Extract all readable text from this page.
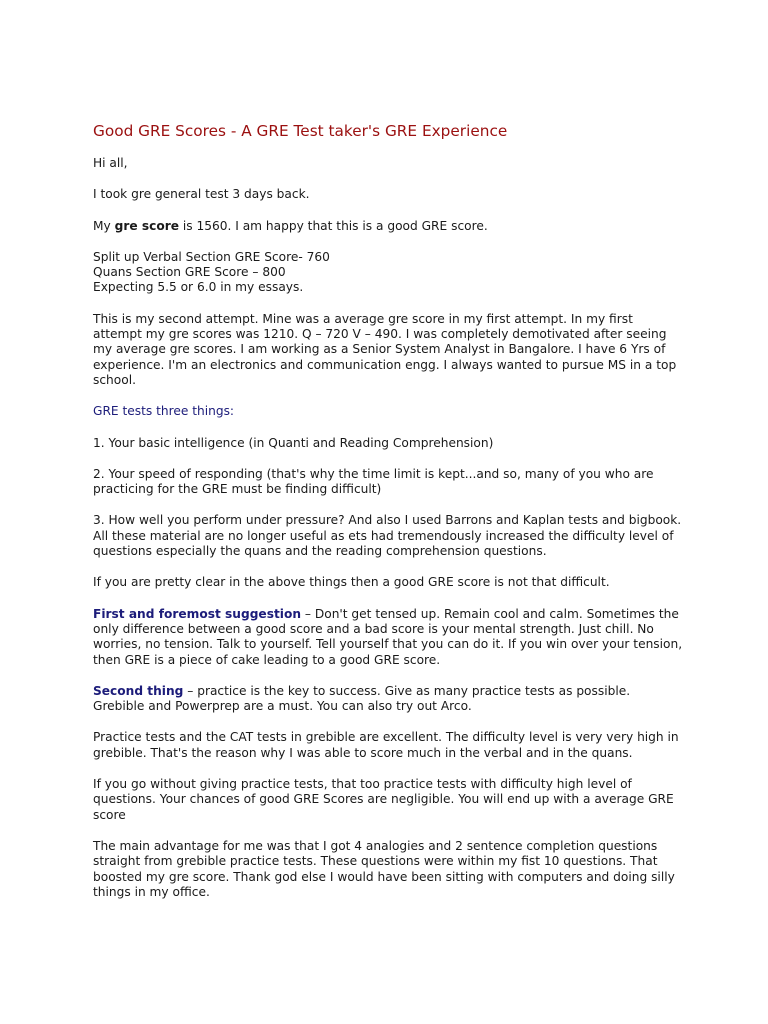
Good GRE Scores - A GRE Test taker's GRE Experience

Hi all,

I took gre general test 3 days back.

My gre score is 1560. I am happy that this is a good GRE score.

Split up Verbal Section GRE Score- 760
Quans Section GRE Score – 800
Expecting 5.5 or 6.0 in my essays.

This is my second attempt. Mine was a average gre score in my first attempt. In my first attempt my gre scores was 1210. Q – 720 V – 490. I was completely demotivated after seeing my average gre scores. I am working as a Senior System Analyst in Bangalore. I have 6 Yrs of experience. I'm an electronics and communication engg. I always wanted to pursue MS in a top school.

GRE tests three things:

1. Your basic intelligence (in Quanti and Reading Comprehension)

2. Your speed of responding (that's why the time limit is kept...and so, many of you who are practicing for the GRE must be finding difficult)

3. How well you perform under pressure? And also I used Barrons and Kaplan tests and bigbook. All these material are no longer useful as ets had tremendously increased the difficulty level of questions especially the quans and the reading comprehension questions.

If you are pretty clear in the above things then a good GRE score is not that difficult.

First and foremost suggestion – Don't get tensed up. Remain cool and calm. Sometimes the only difference between a good score and a bad score is your mental strength. Just chill. No worries, no tension. Talk to yourself. Tell yourself that you can do it. If you win over your tension, then GRE is a piece of cake leading to a good GRE score.

Second thing – practice is the key to success. Give as many practice tests as possible. Grebible and Powerprep are a must. You can also try out Arco.

Practice tests and the CAT tests in grebible are excellent. The difficulty level is very very high in grebible. That's the reason why I was able to score much in the verbal and in the quans.

If you go without giving practice tests, that too practice tests with difficulty high level of questions. Your chances of good GRE Scores are negligible. You will end up with a average GRE score

The main advantage for me was that I got 4 analogies and 2 sentence completion questions straight from grebible practice tests. These questions were within my fist 10 questions. That boosted my gre score. Thank god else I would have been sitting with computers and doing silly things in my office.
